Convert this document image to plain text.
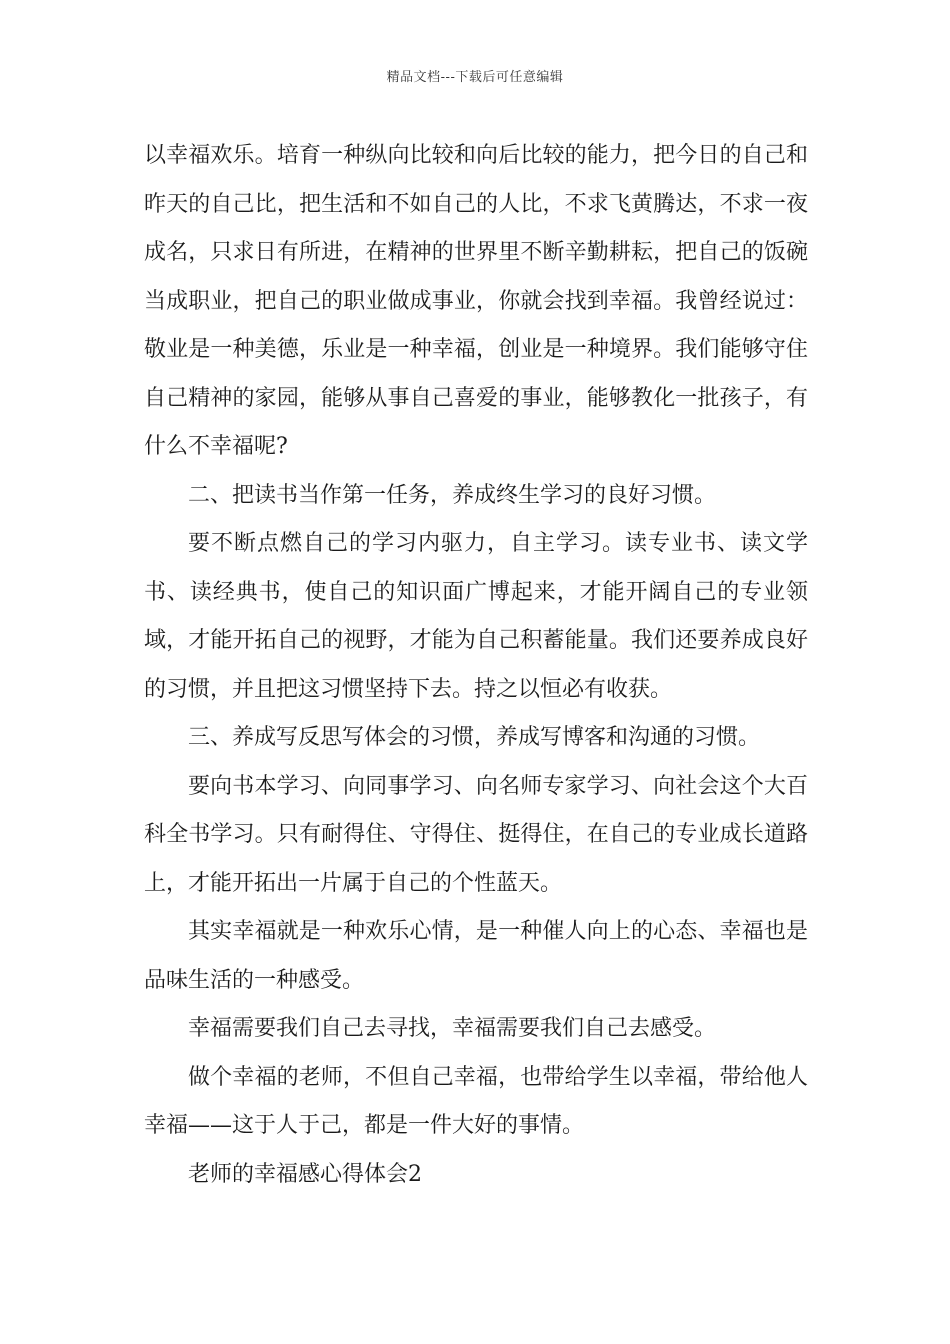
精品文档---下载后可任意编辑

以幸福欢乐。培育一种纵向比较和向后比较的能力，把今日的自己和昨天的自己比，把生活和不如自己的人比，不求飞黄腾达，不求一夜成名，只求日有所进，在精神的世界里不断辛勤耕耘，把自己的饭碗当成职业，把自己的职业做成事业，你就会找到幸福。我曾经说过：敬业是一种美德，乐业是一种幸福，创业是一种境界。我们能够守住自己精神的家园，能够从事自己喜爱的事业，能够教化一批孩子，有什么不幸福呢?

二、把读书当作第一任务，养成终生学习的良好习惯。

要不断点燃自己的学习内驱力，自主学习。读专业书、读文学书、读经典书，使自己的知识面广博起来，才能开阔自己的专业领域，才能开拓自己的视野，才能为自己积蓄能量。我们还要养成良好的习惯，并且把这习惯坚持下去。持之以恒必有收获。

三、养成写反思写体会的习惯，养成写博客和沟通的习惯。

要向书本学习、向同事学习、向名师专家学习、向社会这个大百科全书学习。只有耐得住、守得住、挺得住，在自己的专业成长道路上，才能开拓出一片属于自己的个性蓝天。

其实幸福就是一种欢乐心情，是一种催人向上的心态、幸福也是品味生活的一种感受。

幸福需要我们自己去寻找，幸福需要我们自己去感受。

做个幸福的老师，不但自己幸福，也带给学生以幸福，带给他人幸福——这于人于己，都是一件大好的事情。

老师的幸福感心得体会2
